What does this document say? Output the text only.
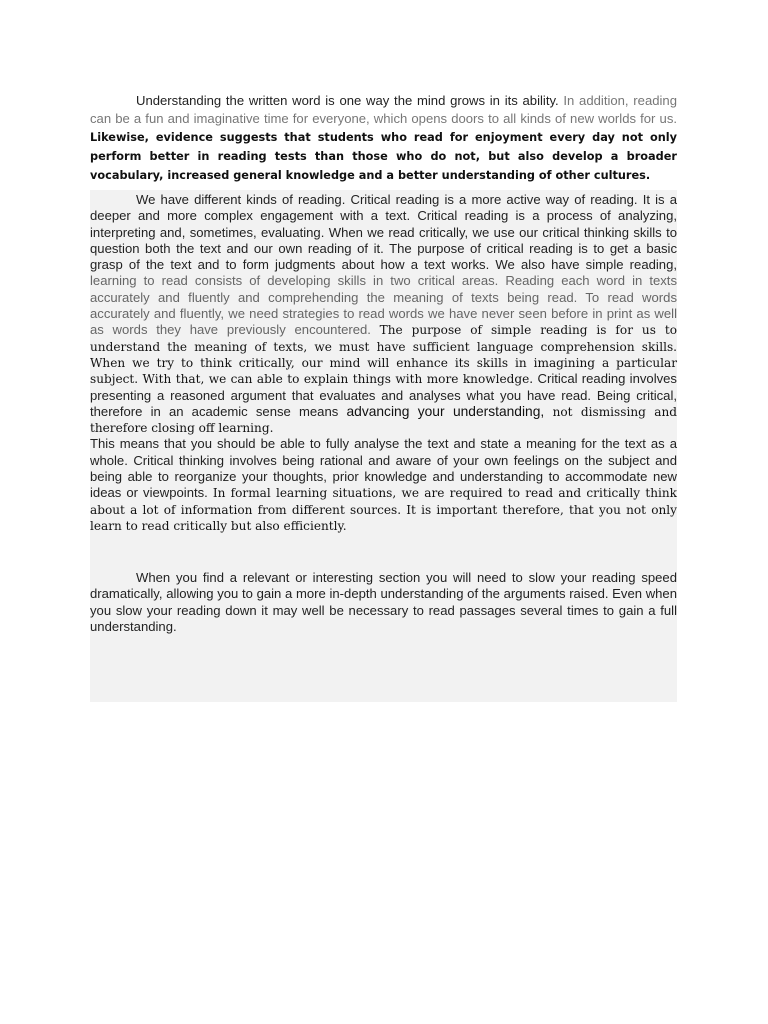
Understanding the written word is one way the mind grows in its ability. In addition, reading can be a fun and imaginative time for everyone, which opens doors to all kinds of new worlds for us. Likewise, evidence suggests that students who read for enjoyment every day not only perform better in reading tests than those who do not, but also develop a broader vocabulary, increased general knowledge and a better understanding of other cultures.

We have different kinds of reading. Critical reading is a more active way of reading. It is a deeper and more complex engagement with a text. Critical reading is a process of analyzing, interpreting and, sometimes, evaluating. When we read critically, we use our critical thinking skills to question both the text and our own reading of it. The purpose of critical reading is to get a basic grasp of the text and to form judgments about how a text works. We also have simple reading, learning to read consists of developing skills in two critical areas. Reading each word in texts accurately and fluently and comprehending the meaning of texts being read. To read words accurately and fluently, we need strategies to read words we have never seen before in print as well as words they have previously encountered. The purpose of simple reading is for us to understand the meaning of texts, we must have sufficient language comprehension skills. When we try to think critically, our mind will enhance its skills in imagining a particular subject. With that, we can able to explain things with more knowledge. Critical reading involves presenting a reasoned argument that evaluates and analyses what you have read. Being critical, therefore in an academic sense means advancing your understanding, not dismissing and therefore closing off learning.
This means that you should be able to fully analyse the text and state a meaning for the text as a whole. Critical thinking involves being rational and aware of your own feelings on the subject and being able to reorganize your thoughts, prior knowledge and understanding to accommodate new ideas or viewpoints. In formal learning situations, we are required to read and critically think about a lot of information from different sources. It is important therefore, that you not only learn to read critically but also efficiently.

When you find a relevant or interesting section you will need to slow your reading speed dramatically, allowing you to gain a more in-depth understanding of the arguments raised. Even when you slow your reading down it may well be necessary to read passages several times to gain a full understanding.
